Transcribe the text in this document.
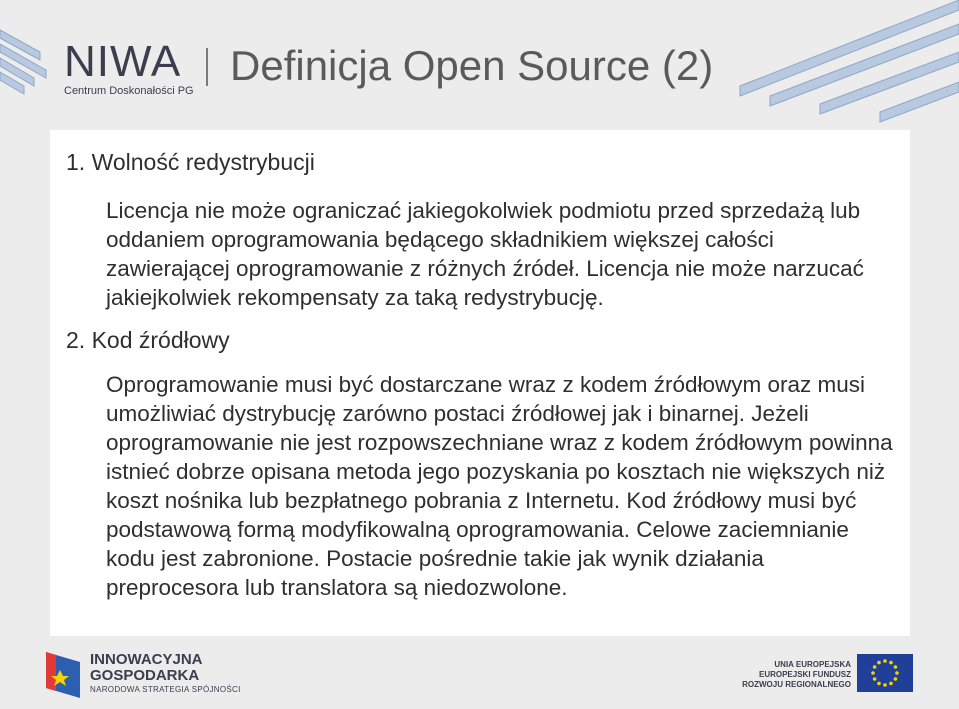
NIWA
Centrum Doskonałości PG
Definicja Open Source (2)
1. Wolność redystrybucji
Licencja nie może ograniczać jakiegokolwiek podmiotu przed sprzedażą lub oddaniem oprogramowania będącego składnikiem większej całości zawierającej oprogramowanie z różnych źródeł. Licencja nie może narzucać jakiejkolwiek rekompensaty za taką redystrybucję.
2. Kod źródłowy
Oprogramowanie musi być dostarczane wraz z kodem źródłowym oraz musi umożliwiać dystrybucję zarówno postaci źródłowej jak i binarnej. Jeżeli oprogramowanie nie jest rozpowszechniane wraz z kodem źródłowym powinna istnieć dobrze opisana metoda jego pozyskania po kosztach nie większych niż koszt nośnika lub bezpłatnego pobrania z Internetu. Kod źródłowy musi być podstawową formą modyfikowalną oprogramowania. Celowe zaciemnianie kodu jest zabronione. Postacie pośrednie takie jak wynik działania preprocesora lub translatora są niedozwolone.
INNOWACYJNA
GOSPODARKA
NARODOWA STRATEGIA SPÓJNOŚCI
UNIA EUROPEJSKA
EUROPEJSKI FUNDUSZ
ROZWOJU REGIONALNEGO
